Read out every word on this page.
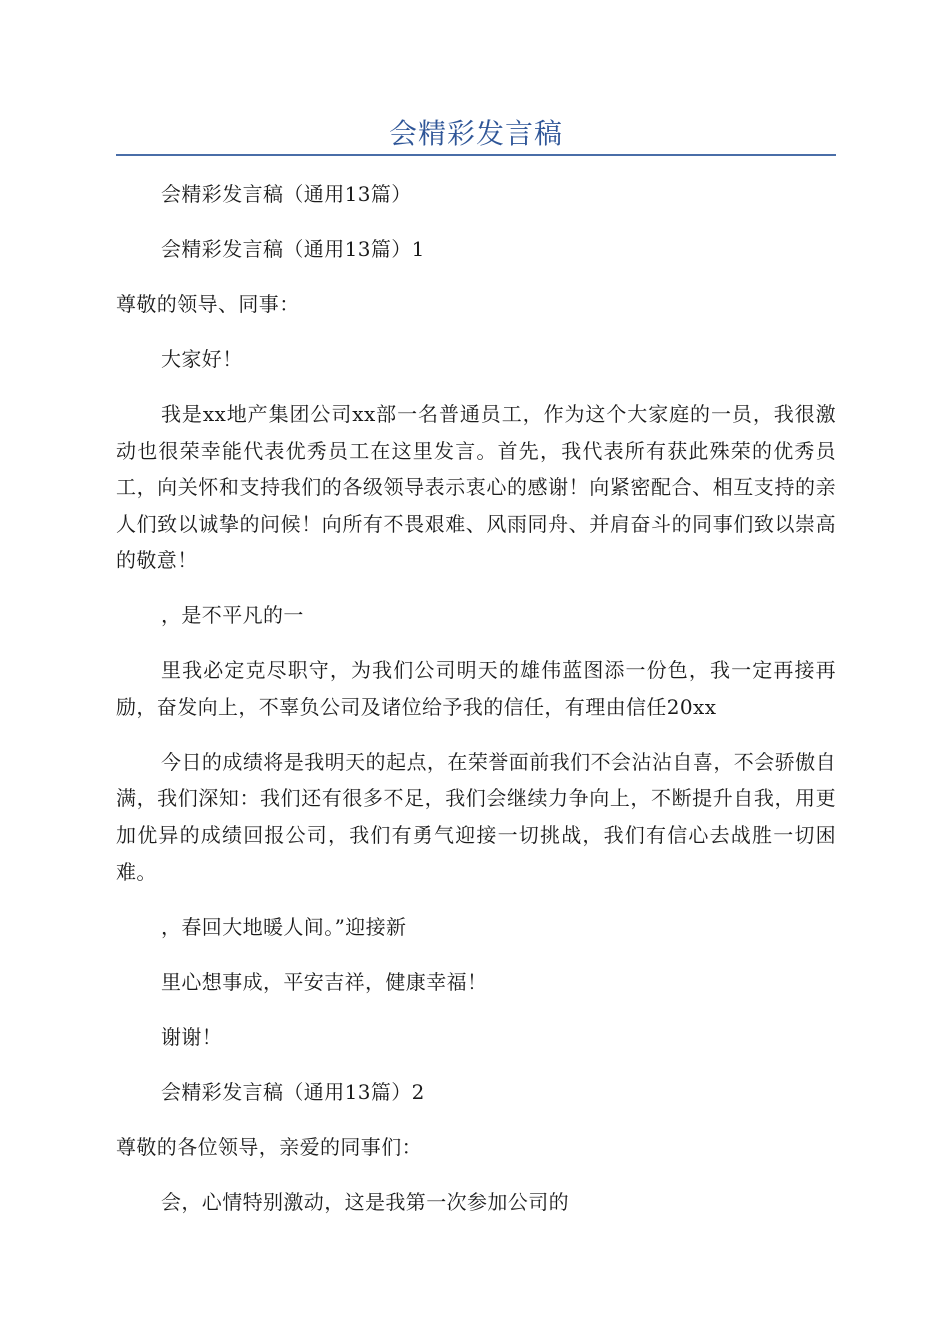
会精彩发言稿

会精彩发言稿（通用13篇）

会精彩发言稿（通用13篇）1

尊敬的领导、同事：

大家好！

我是xx地产集团公司xx部一名普通员工，作为这个大家庭的一员，我很激动也很荣幸能代表优秀员工在这里发言。首先，我代表所有获此殊荣的优秀员工，向关怀和支持我们的各级领导表示衷心的感谢！向紧密配合、相互支持的亲人们致以诚挚的问候！向所有不畏艰难、风雨同舟、并肩奋斗的同事们致以崇高的敬意！

，是不平凡的一

里我必定克尽职守，为我们公司明天的雄伟蓝图添一份色，我一定再接再励，奋发向上，不辜负公司及诸位给予我的信任，有理由信任20xx

今日的成绩将是我明天的起点，在荣誉面前我们不会沾沾自喜，不会骄傲自满，我们深知：我们还有很多不足，我们会继续力争向上，不断提升自我，用更加优异的成绩回报公司，我们有勇气迎接一切挑战，我们有信心去战胜一切困难。

，春回大地暖人间。”迎接新

里心想事成，平安吉祥，健康幸福！

谢谢！

会精彩发言稿（通用13篇）2

尊敬的各位领导，亲爱的同事们：

会，心情特别激动，这是我第一次参加公司的
